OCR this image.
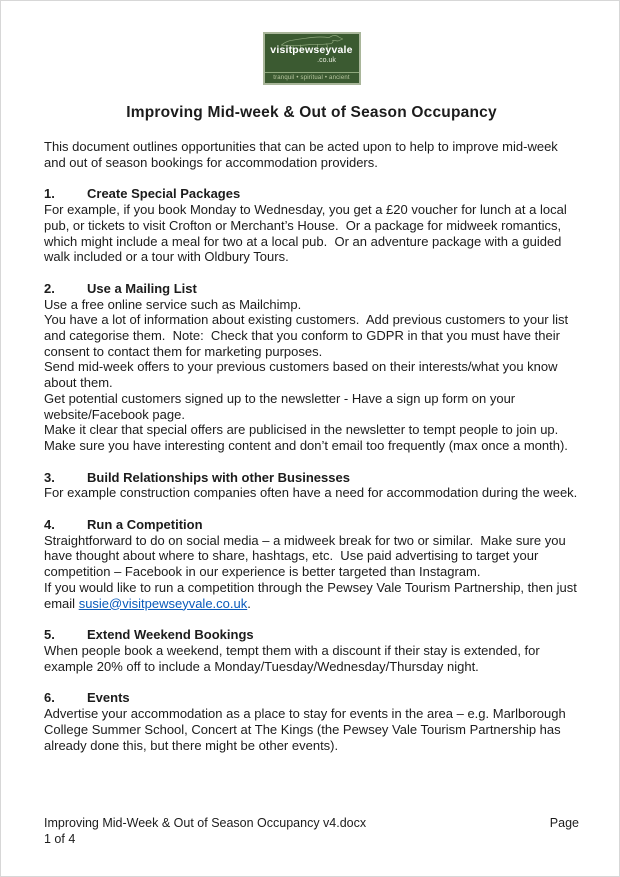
visitpewseyvale
.co.uk
tranquil • spiritual • ancient
Improving Mid-week & Out of Season Occupancy

This document outlines opportunities that can be acted upon to help to improve mid-week and out of season bookings for accommodation providers.

1. Create Special Packages

For example, if you book Monday to Wednesday, you get a £20 voucher for lunch at a local pub, or tickets to visit Crofton or Merchant’s House.  Or a package for midweek romantics, which might include a meal for two at a local pub.  Or an adventure package with a guided walk included or a tour with Oldbury Tours.

2. Use a Mailing List

Use a free online service such as Mailchimp.

You have a lot of information about existing customers.  Add previous customers to your list and categorise them.  Note:  Check that you conform to GDPR in that you must have their consent to contact them for marketing purposes.

Send mid-week offers to your previous customers based on their interests/what you know about them.

Get potential customers signed up to the newsletter - Have a sign up form on your website/Facebook page.

Make it clear that special offers are publicised in the newsletter to tempt people to join up.

Make sure you have interesting content and don’t email too frequently (max once a month).

3. Build Relationships with other Businesses

For example construction companies often have a need for accommodation during the week.

4. Run a Competition

Straightforward to do on social media – a midweek break for two or similar.  Make sure you have thought about where to share, hashtags, etc.  Use paid advertising to target your competition – Facebook in our experience is better targeted than Instagram.

If you would like to run a competition through the Pewsey Vale Tourism Partnership, then just email susie@visitpewseyvale.co.uk.

5. Extend Weekend Bookings

When people book a weekend, tempt them with a discount if their stay is extended, for example 20% off to include a Monday/Tuesday/Wednesday/Thursday night.

6. Events

Advertise your accommodation as a place to stay for events in the area – e.g. Marlborough College Summer School, Concert at The Kings (the Pewsey Vale Tourism Partnership has already done this, but there might be other events).

Improving Mid-Week & Out of Season Occupancy v4.docx	Page
1 of 4
